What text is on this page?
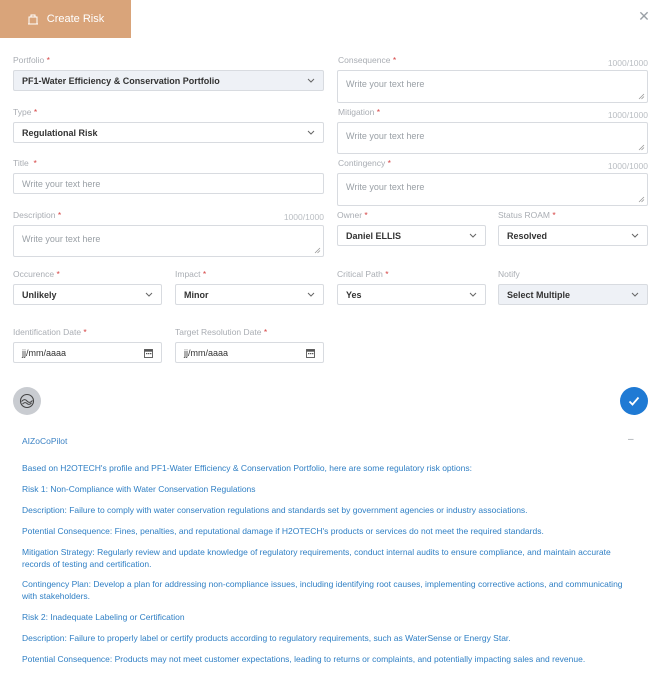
Create Risk	✕
Portfolio *
PF1-Water Efficiency & Conservation Portfolio
Type *
Regulational Risk
Title *
Write your text here
Description *	1000/1000
Write your text here
Consequence *	1000/1000
Write your text here
Mitigation *	1000/1000
Write your text here
Contingency *	1000/1000
Write your text here
Owner *
Daniel ELLIS
Status ROAM *
Resolved
Occurence *
Unlikely
Impact *
Minor
Critical Path *
Yes
Notify
Select Multiple
Identification Date *
jj/mm/aaaa
Target Resolution Date *
jj/mm/aaaa
AIZoCoPilot	–
Based on H2OTECH's profile and PF1-Water Efficiency & Conservation Portfolio, here are some regulatory risk options:
Risk 1: Non-Compliance with Water Conservation Regulations
Description: Failure to comply with water conservation regulations and standards set by government agencies or industry associations.
Potential Consequence: Fines, penalties, and reputational damage if H2OTECH's products or services do not meet the required standards.
Mitigation Strategy: Regularly review and update knowledge of regulatory requirements, conduct internal audits to ensure compliance, and maintain accurate records of testing and certification.
Contingency Plan: Develop a plan for addressing non-compliance issues, including identifying root causes, implementing corrective actions, and communicating with stakeholders.
Risk 2: Inadequate Labeling or Certification
Description: Failure to properly label or certify products according to regulatory requirements, such as WaterSense or Energy Star.
Potential Consequence: Products may not meet customer expectations, leading to returns or complaints, and potentially impacting sales and revenue.
